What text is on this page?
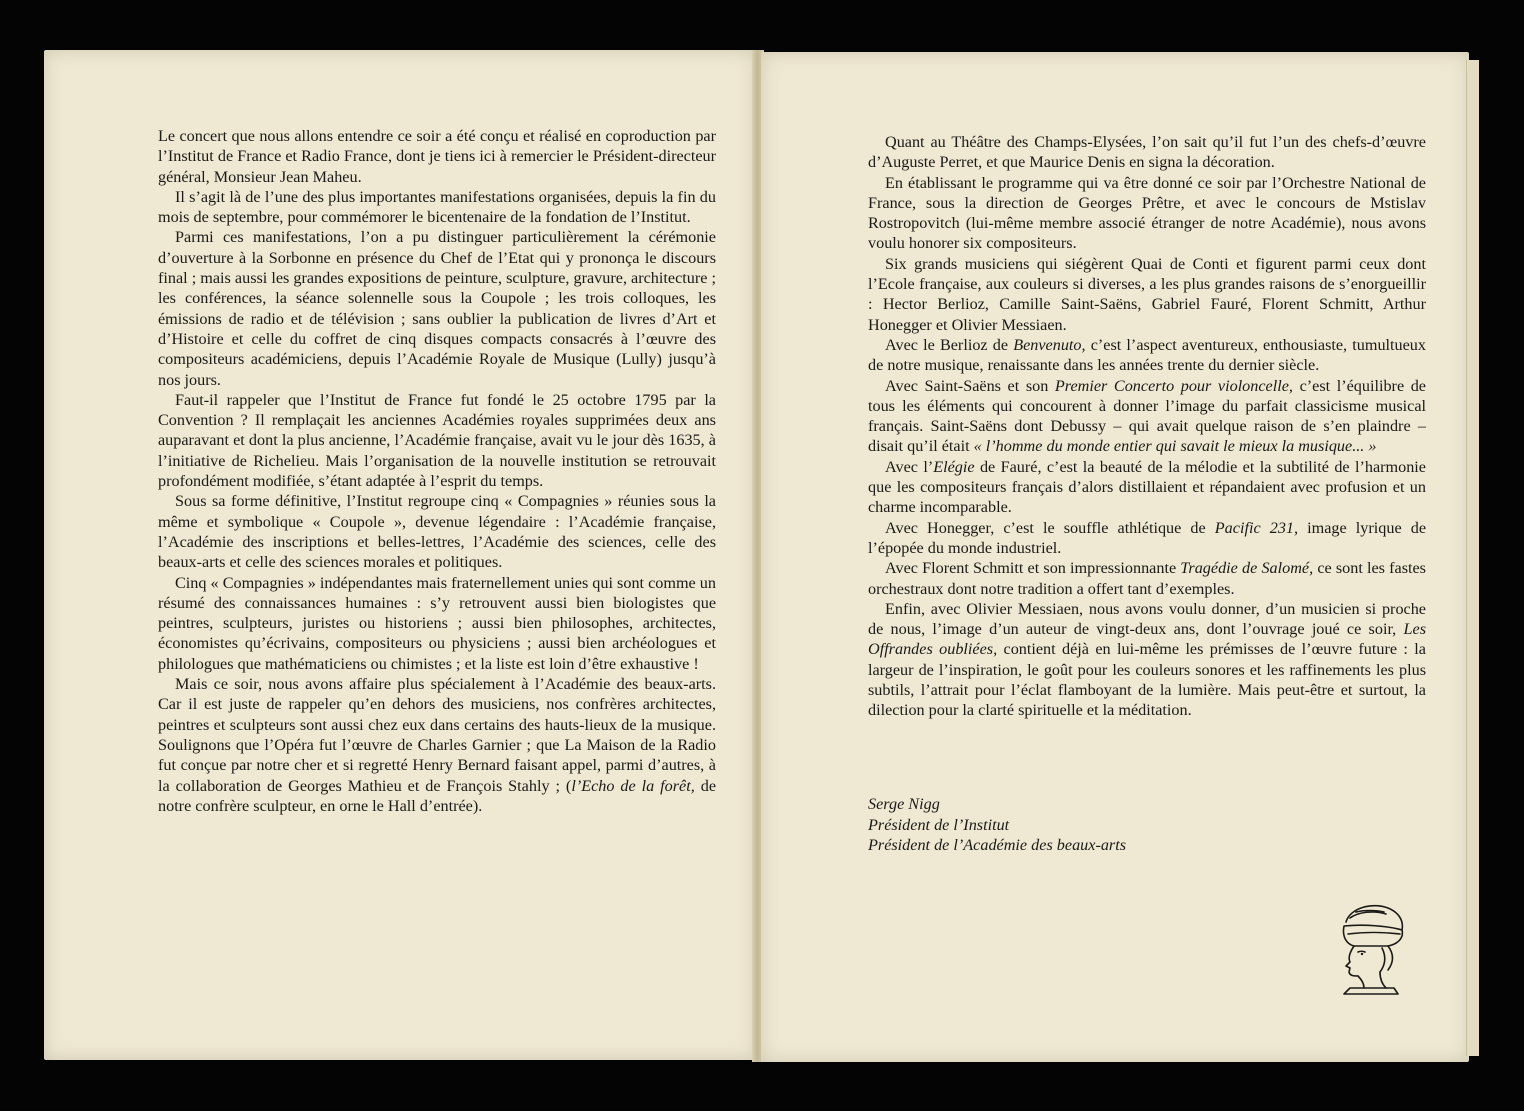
Le concert que nous allons entendre ce soir a été conçu et réalisé en coproduction par l’Institut de France et Radio France, dont je tiens ici à remercier le Président-directeur général, Monsieur Jean Maheu.

Il s’agit là de l’une des plus importantes manifestations organisées, depuis la fin du mois de septembre, pour commémorer le bicentenaire de la fondation de l’Institut.

Parmi ces manifestations, l’on a pu distinguer particulièrement la cérémonie d’ouverture à la Sorbonne en présence du Chef de l’Etat qui y prononça le discours final ; mais aussi les grandes expositions de peinture, sculpture, gravure, architecture ; les conférences, la séance solennelle sous la Coupole ; les trois colloques, les émissions de radio et de télévision ; sans oublier la publication de livres d’Art et d’Histoire et celle du coffret de cinq disques compacts consacrés à l’œuvre des compositeurs académiciens, depuis l’Académie Royale de Musique (Lully) jusqu’à nos jours.

Faut-il rappeler que l’Institut de France fut fondé le 25 octobre 1795 par la Convention ? Il remplaçait les anciennes Académies royales supprimées deux ans auparavant et dont la plus ancienne, l’Académie française, avait vu le jour dès 1635, à l’initiative de Richelieu. Mais l’organisation de la nouvelle institution se retrouvait profondément modifiée, s’étant adaptée à l’esprit du temps.

Sous sa forme définitive, l’Institut regroupe cinq « Compagnies » réunies sous la même et symbolique « Coupole », devenue légendaire : l’Académie française, l’Académie des inscriptions et belles-lettres, l’Académie des sciences, celle des beaux-arts et celle des sciences morales et politiques.

Cinq « Compagnies » indépendantes mais fraternellement unies qui sont comme un résumé des connaissances humaines : s’y retrouvent aussi bien biologistes que peintres, sculpteurs, juristes ou historiens ; aussi bien philosophes, architectes, économistes qu’écrivains, compositeurs ou physiciens ; aussi bien archéologues et philologues que mathématiciens ou chimistes ; et la liste est loin d’être exhaustive !

Mais ce soir, nous avons affaire plus spécialement à l’Académie des beaux-arts. Car il est juste de rappeler qu’en dehors des musiciens, nos confrères architectes, peintres et sculpteurs sont aussi chez eux dans certains des hauts-lieux de la musique. Soulignons que l’Opéra fut l’œuvre de Charles Garnier ; que La Maison de la Radio fut conçue par notre cher et si regretté Henry Bernard faisant appel, parmi d’autres, à la collaboration de Georges Mathieu et de François Stahly ; (l’Echo de la forêt, de notre confrère sculpteur, en orne le Hall d’entrée).

Quant au Théâtre des Champs-Elysées, l’on sait qu’il fut l’un des chefs-d’œuvre d’Auguste Perret, et que Maurice Denis en signa la décoration.

En établissant le programme qui va être donné ce soir par l’Orchestre National de France, sous la direction de Georges Prêtre, et avec le concours de Mstislav Rostropovitch (lui-même membre associé étranger de notre Académie), nous avons voulu honorer six compositeurs.

Six grands musiciens qui siégèrent Quai de Conti et figurent parmi ceux dont l’Ecole française, aux couleurs si diverses, a les plus grandes raisons de s’enorgueillir : Hector Berlioz, Camille Saint-Saëns, Gabriel Fauré, Florent Schmitt, Arthur Honegger et Olivier Messiaen.

Avec le Berlioz de Benvenuto, c’est l’aspect aventureux, enthousiaste, tumultueux de notre musique, renaissante dans les années trente du dernier siècle.

Avec Saint-Saëns et son Premier Concerto pour violoncelle, c’est l’équilibre de tous les éléments qui concourent à donner l’image du parfait classicisme musical français. Saint-Saëns dont Debussy – qui avait quelque raison de s’en plaindre – disait qu’il était « l’homme du monde entier qui savait le mieux la musique... »

Avec l’Elégie de Fauré, c’est la beauté de la mélodie et la subtilité de l’harmonie que les compositeurs français d’alors distillaient et répandaient avec profusion et un charme incomparable.

Avec Honegger, c’est le souffle athlétique de Pacific 231, image lyrique de l’épopée du monde industriel.

Avec Florent Schmitt et son impressionnante Tragédie de Salomé, ce sont les fastes orchestraux dont notre tradition a offert tant d’exemples.

Enfin, avec Olivier Messiaen, nous avons voulu donner, d’un musicien si proche de nous, l’image d’un auteur de vingt-deux ans, dont l’ouvrage joué ce soir, Les Offrandes oubliées, contient déjà en lui-même les prémisses de l’œuvre future : la largeur de l’inspiration, le goût pour les couleurs sonores et les raffinements les plus subtils, l’attrait pour l’éclat flamboyant de la lumière. Mais peut-être et surtout, la dilection pour la clarté spirituelle et la méditation.

Serge Nigg
Président de l’Institut
Président de l’Académie des beaux-arts
